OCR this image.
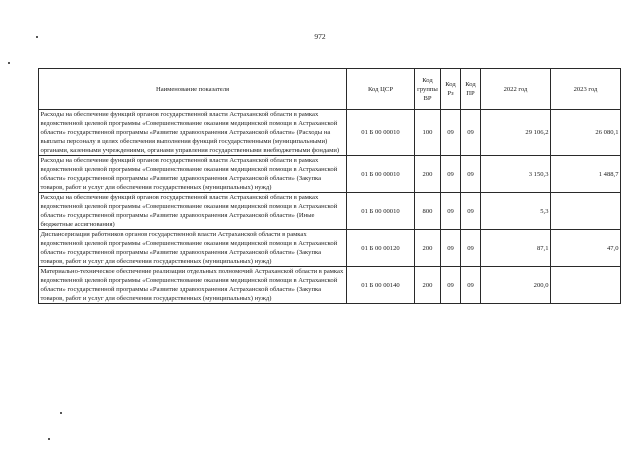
972
Наименование показателя	Код ЦСР	Код группы ВР	Код Рз	Код ПР	2022 год	2023 год
Расходы на обеспечение функций органов государственной власти Астраханской области в рамках ведомственной целевой программы «Совершенствование оказания медицинской помощи в Астраханской области» государственной программы «Развитие здравоохранения Астраханской области» (Расходы на выплаты персоналу в целях обеспечения выполнения функций государственными (муниципальными) органами, казенными учреждениями, органами управления государственными внебюджетными фондами)	01 Б 00 00010	100	09	09	29 106,2	26 080,1
Расходы на обеспечение функций органов государственной власти Астраханской области в рамках ведомственной целевой программы «Совершенствование оказания медицинской помощи в Астраханской области» государственной программы «Развитие здравоохранения Астраханской области» (Закупка товаров, работ и услуг для обеспечения государственных (муниципальных) нужд)	01 Б 00 00010	200	09	09	3 150,3	1 488,7
Расходы на обеспечение функций органов государственной власти Астраханской области в рамках ведомственной целевой программы «Совершенствование оказания медицинской помощи в Астраханской области» государственной программы «Развитие здравоохранения Астраханской области» (Иные бюджетные ассигнования)	01 Б 00 00010	800	09	09	5,3	
Диспансеризация работников органов государственной власти Астраханской области в рамках ведомственной целевой программы «Совершенствование оказания медицинской помощи в Астраханской области» государственной программы «Развитие здравоохранения Астраханской области» (Закупка товаров, работ и услуг для обеспечения государственных (муниципальных) нужд)	01 Б 00 00120	200	09	09	87,1	47,0
Материально-техническое обеспечение реализации отдельных полномочий Астраханской области в рамках ведомственной целевой программы «Совершенствование оказания медицинской помощи в Астраханской области» государственной программы «Развитие здравоохранения Астраханской области» (Закупка товаров, работ и услуг для обеспечения государственных (муниципальных) нужд)	01 Б 00 00140	200	09	09	200,0	
